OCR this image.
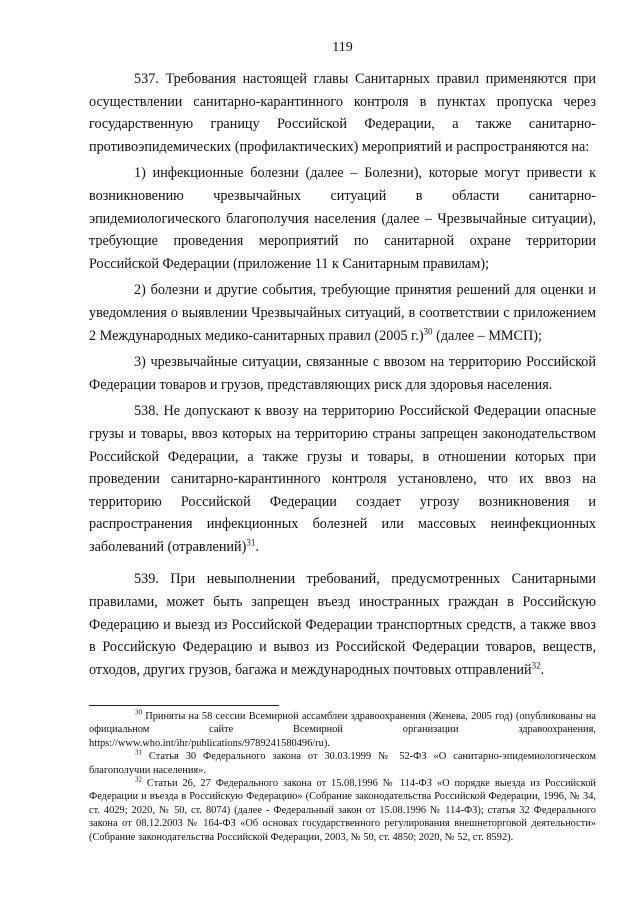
119

537. Требования настоящей главы Санитарных правил применяются при осуществлении санитарно-карантинного контроля в пунктах пропуска через государственную границу Российской Федерации, а также санитарно-противоэпидемических (профилактических) мероприятий и распространяются на:

1) инфекционные болезни (далее – Болезни), которые могут привести к возникновению чрезвычайных ситуаций в области санитарно-эпидемиологического благополучия населения (далее – Чрезвычайные ситуации), требующие проведения мероприятий по санитарной охране территории Российской Федерации (приложение 11 к Санитарным правилам);

2) болезни и другие события, требующие принятия решений для оценки и уведомления о выявлении Чрезвычайных ситуаций, в соответствии с приложением 2 Международных медико-санитарных правил (2005 г.)$^{30}$ (далее – ММСП);

3) чрезвычайные ситуации, связанные с ввозом на территорию Российской Федерации товаров и грузов, представляющих риск для здоровья населения.

538. Не допускают к ввозу на территорию Российской Федерации опасные грузы и товары, ввоз которых на территорию страны запрещен законодательством Российской Федерации, а также грузы и товары, в отношении которых при проведении санитарно-карантинного контроля установлено, что их ввоз на территорию Российской Федерации создает угрозу возникновения и распространения инфекционных болезней или массовых неинфекционных заболеваний (отравлений)$^{31}$.

539. При невыполнении требований, предусмотренных Санитарными правилами, может быть запрещен въезд иностранных граждан в Российскую Федерацию и выезд из Российской Федерации транспортных средств, а также ввоз в Российскую Федерацию и вывоз из Российской Федерации товаров, веществ, отходов, других грузов, багажа и международных почтовых отправлений$^{32}$.

$^{30}$ Приняты на 58 сессии Всемирной ассамблеи здравоохранения (Женева, 2005 год) (опубликованы на официальном сайте Всемирной организации здравоохранения, https://www.who.int/ihr/publications/9789241580496/ru).

$^{31}$ Статья 30 Федерального закона от 30.03.1999 № 52-ФЗ «О санитарно-эпидемиологическом благополучии населения».

$^{32}$ Статьи 26, 27 Федерального закона от 15.08.1996 № 114-ФЗ «О порядке выезда из Российской Федерации и въезда в Российскую Федерацию» (Собрание законодательства Российской Федерации, 1996, № 34, ст. 4029; 2020, № 50, ст. 8074) (далее - Федеральный закон от 15.08.1996 № 114-ФЗ); статья 32 Федерального закона от 08.12.2003 № 164-ФЗ «Об основах государственного регулирования внешнеторговой деятельности» (Собрание законодательства Российской Федерации, 2003, № 50, ст. 4850; 2020, № 52, ст. 8592).
